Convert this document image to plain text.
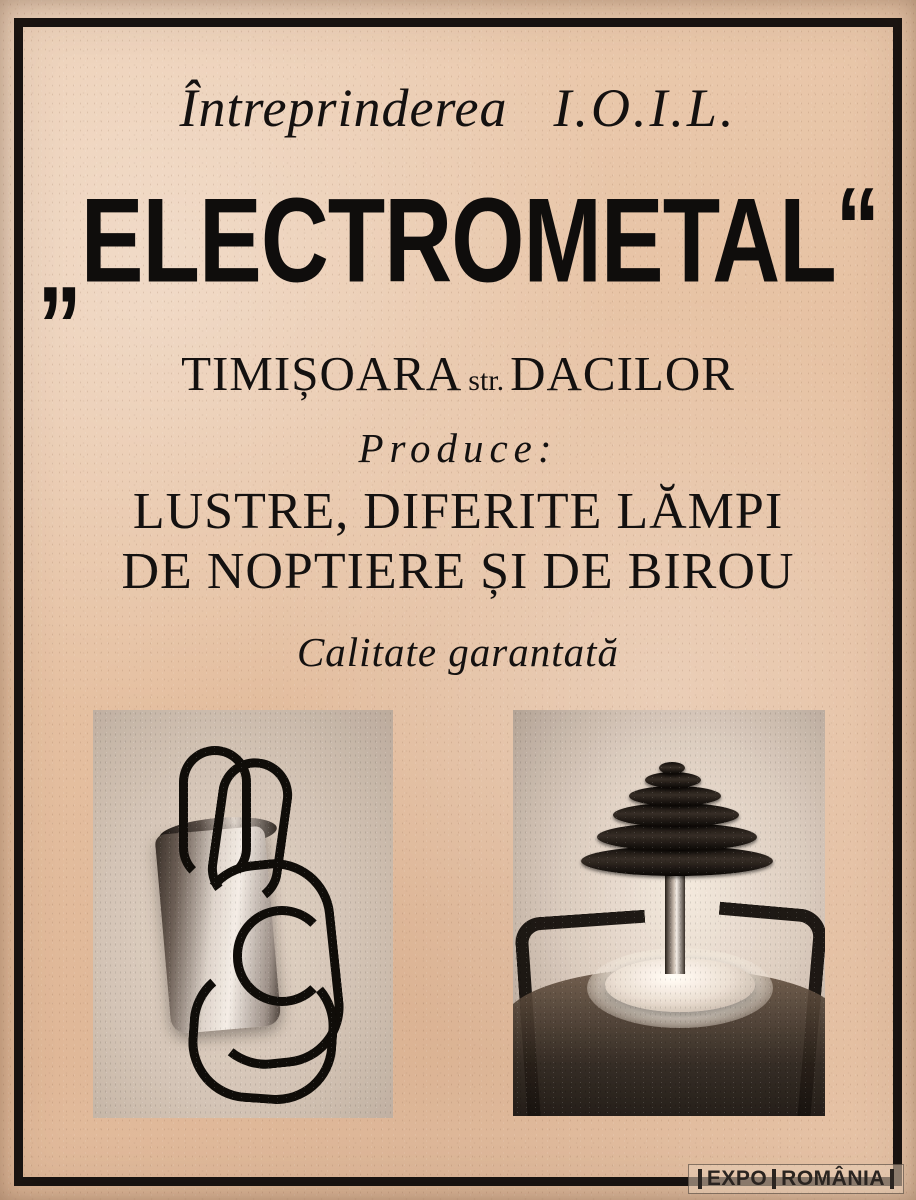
Întreprinderea I.O.I.L.
„ELECTROMETAL“
TIMIȘOARA str. DACILOR
Produce:
LUSTRE, DIFERITE LĂMPI
DE NOPTIERE ȘI DE BIROU
Calitate garantată
EXPO ROMÂNIA
